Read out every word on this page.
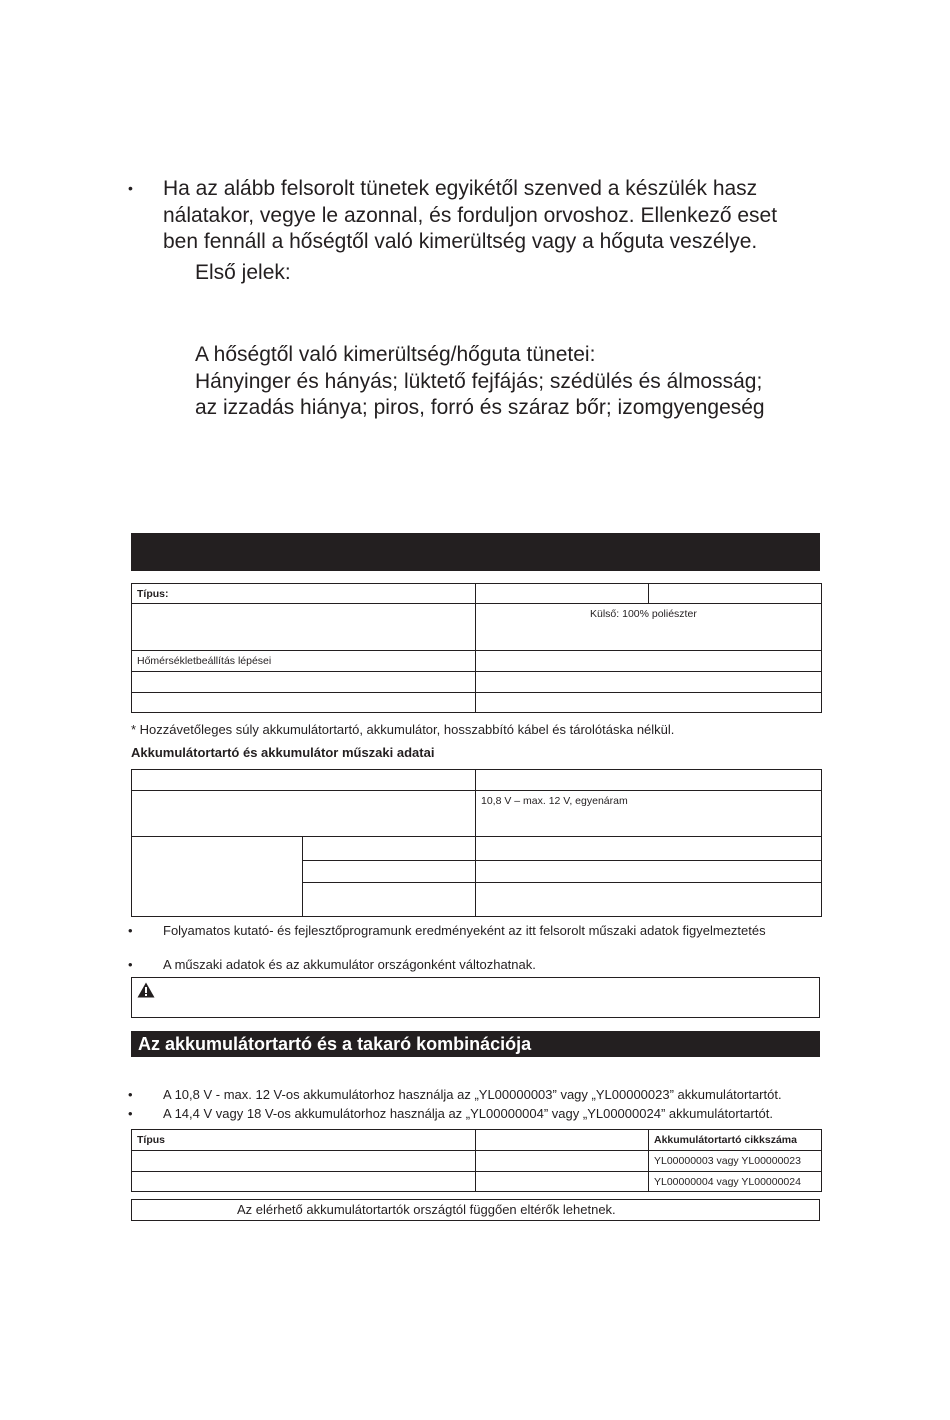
• Ha az alább felsorolt tünetek egyikétől szenved a készülék hasz
nálatakor, vegye le azonnal, és forduljon orvoshoz. Ellenkező eset
ben fennáll a hőségtől való kimerültség vagy a hőguta veszélye.
Első jelek:
A hőségtől való kimerültség/hőguta tünetei:
Hányinger és hányás; lüktető fejfájás; szédülés és álmosság;
az izzadás hiánya; piros, forró és száraz bőr; izomgyengeség
Típus:		
	Külső: 100% poliészter	
Hőmérsékletbeállítás lépései		

* Hozzávetőleges súly akkumulátortartó, akkumulátor, hosszabbító kábel és tárolótáska nélkül.
Akkumulátortartó és akkumulátor műszaki adatai

		10,8 V – max. 12 V, egyenáram

• Folyamatos kutató- és fejlesztőprogramunk eredményeként az itt felsorolt műszaki adatok figyelmeztetés
• A műszaki adatok és az akkumulátor országonként változhatnak.
Az akkumulátortartó és a takaró kombinációja
• A 10,8 V - max. 12 V-os akkumulátorhoz használja az „YL00000003” vagy „YL00000023” akkumulátortartót.
• A 14,4 V vagy 18 V-os akkumulátorhoz használja az „YL00000004” vagy „YL00000024” akkumulátortartót.
Típus		Akkumulátortartó cikkszáma
		YL00000003 vagy YL00000023
		YL00000004 vagy YL00000024
Az elérhető akkumulátortartók országtól függően eltérők lehetnek.
